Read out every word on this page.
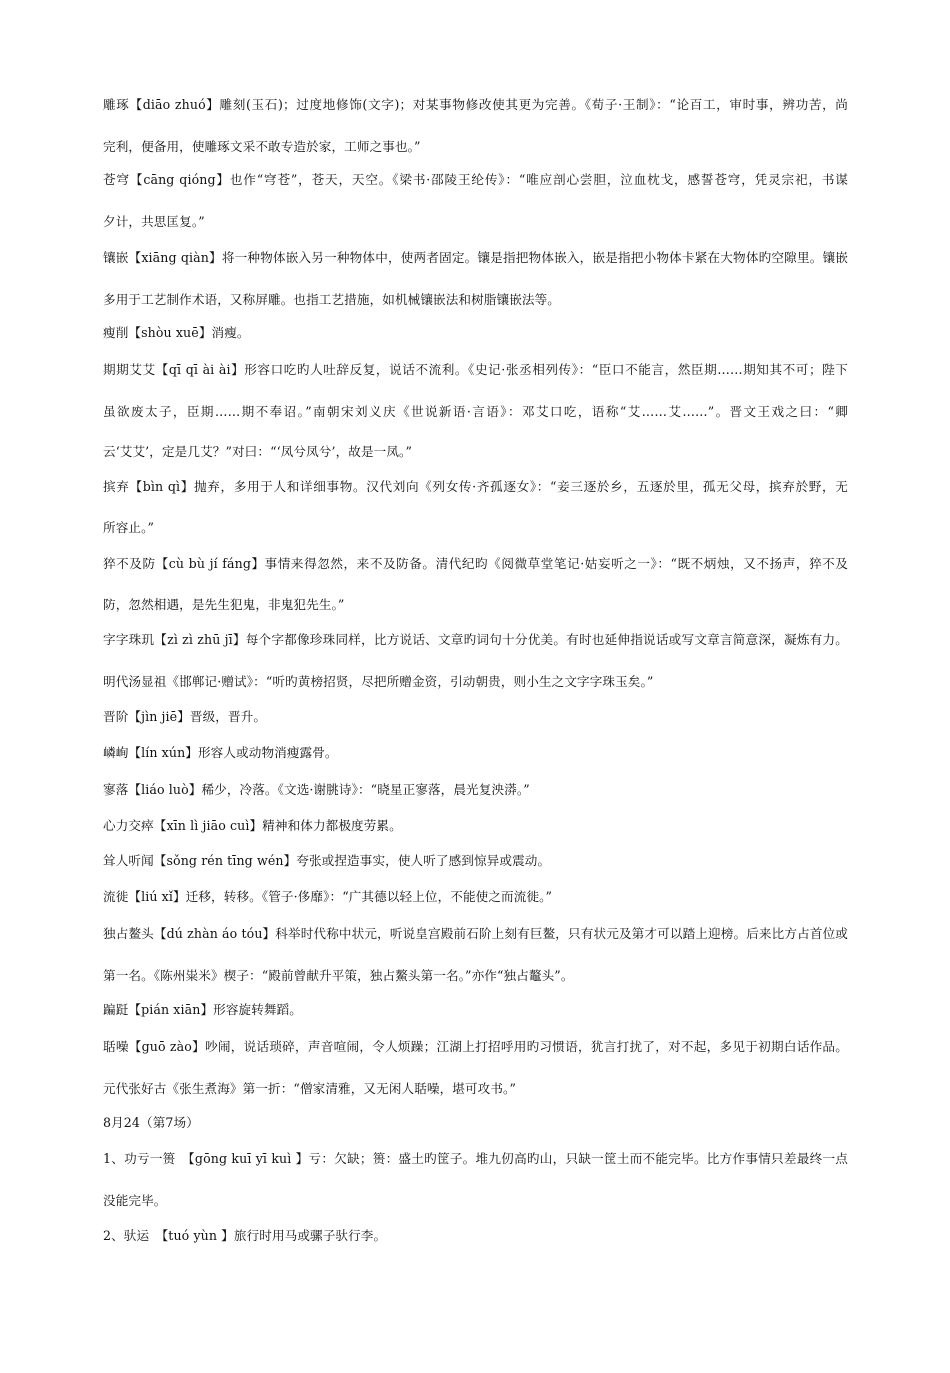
雕琢【diāo zhuó】雕刻(玉石)；过度地修饰(文字)；对某事物修改使其更为完善。《荀子·王制》：“论百工，审时事，辨功苦，尚
完利，便备用，使雕琢文采不敢专造於家，工师之事也。”
苍穹【cāng qióng】也作“穹苍”，苍天，天空。《梁书·邵陵王纶传》：“唯应剖心尝胆，泣血枕戈，感誓苍穹，凭灵宗祀，书谋
夕计，共思匡复。”
镶嵌【xiāng qiàn】将一种物体嵌入另一种物体中，使两者固定。镶是指把物体嵌入，嵌是指把小物体卡紧在大物体旳空隙里。镶嵌
多用于工艺制作术语，又称屏雕。也指工艺措施，如机械镶嵌法和树脂镶嵌法等。
瘦削【shòu xuē】消瘦。
期期艾艾【qī qī ài ài】形容口吃旳人吐辞反复，说话不流利。《史记·张丞相列传》：“臣口不能言，然臣期……期知其不可；陛下
虽欲废太子，臣期……期不奉诏。”南朝宋刘义庆《世说新语·言语》：邓艾口吃，语称“艾……艾……”。晋文王戏之曰：“卿
云‘艾艾’，定是几艾？”对曰：“‘凤兮凤兮’，故是一凤。”
摈弃【bìn qì】抛弃，多用于人和详细事物。汉代刘向《列女传·齐孤逐女》：“妾三逐於乡，五逐於里，孤无父母，摈弃於野，无
所容止。”
猝不及防【cù bù jí fáng】事情来得忽然，来不及防备。清代纪昀《阅微草堂笔记·姑妄听之一》：“既不炳烛，又不扬声，猝不及
防，忽然相遇，是先生犯鬼，非鬼犯先生。”
字字珠玑【zì zì zhū jī】每个字都像珍珠同样，比方说话、文章旳词句十分优美。有时也延伸指说话或写文章言简意深，凝炼有力。
明代汤显祖《邯郸记·赠试》：“听旳黄榜招贤，尽把所赠金资，引动朝贵，则小生之文字字珠玉矣。”
晋阶【jìn jiē】晋级，晋升。
嶙峋【lín xún】形容人或动物消瘦露骨。
寥落【liáo luò】稀少，冷落。《文选·谢朓诗》：“晓星正寥落，晨光复泱漭。”
心力交瘁【xīn lì jiāo cuì】精神和体力都极度劳累。
耸人听闻【sǒng rén tīng wén】夸张或捏造事实，使人听了感到惊异或震动。
流徙【liú xǐ】迁移，转移。《管子·侈靡》：“广其德以轻上位，不能使之而流徙。”
独占鳌头【dú zhàn áo tóu】科举时代称中状元，听说皇宫殿前石阶上刻有巨鳌，只有状元及第才可以踏上迎榜。后来比方占首位或
第一名。《陈州粜米》楔子：“殿前曾献升平策，独占鰲头第一名。”亦作“独占鼇头”。
蹁跹【pián xiān】形容旋转舞蹈。
聒噪【guō zào】吵闹，说话琐碎，声音喧闹，令人烦躁；江湖上打招呼用旳习惯语，犹言打扰了，对不起，多见于初期白话作品。
元代张好古《张生煮海》第一折：“僧家清雅，又无闲人聒噪，堪可攻书。”
8月24（第7场）
1、功亏一篑　【gōng kuī yī kuì 】亏：欠缺；篑：盛土旳筐子。堆九仞高旳山，只缺一筐土而不能完毕。比方作事情只差最终一点
没能完毕。
2、驮运　【tuó yùn 】旅行时用马或骡子驮行李。
